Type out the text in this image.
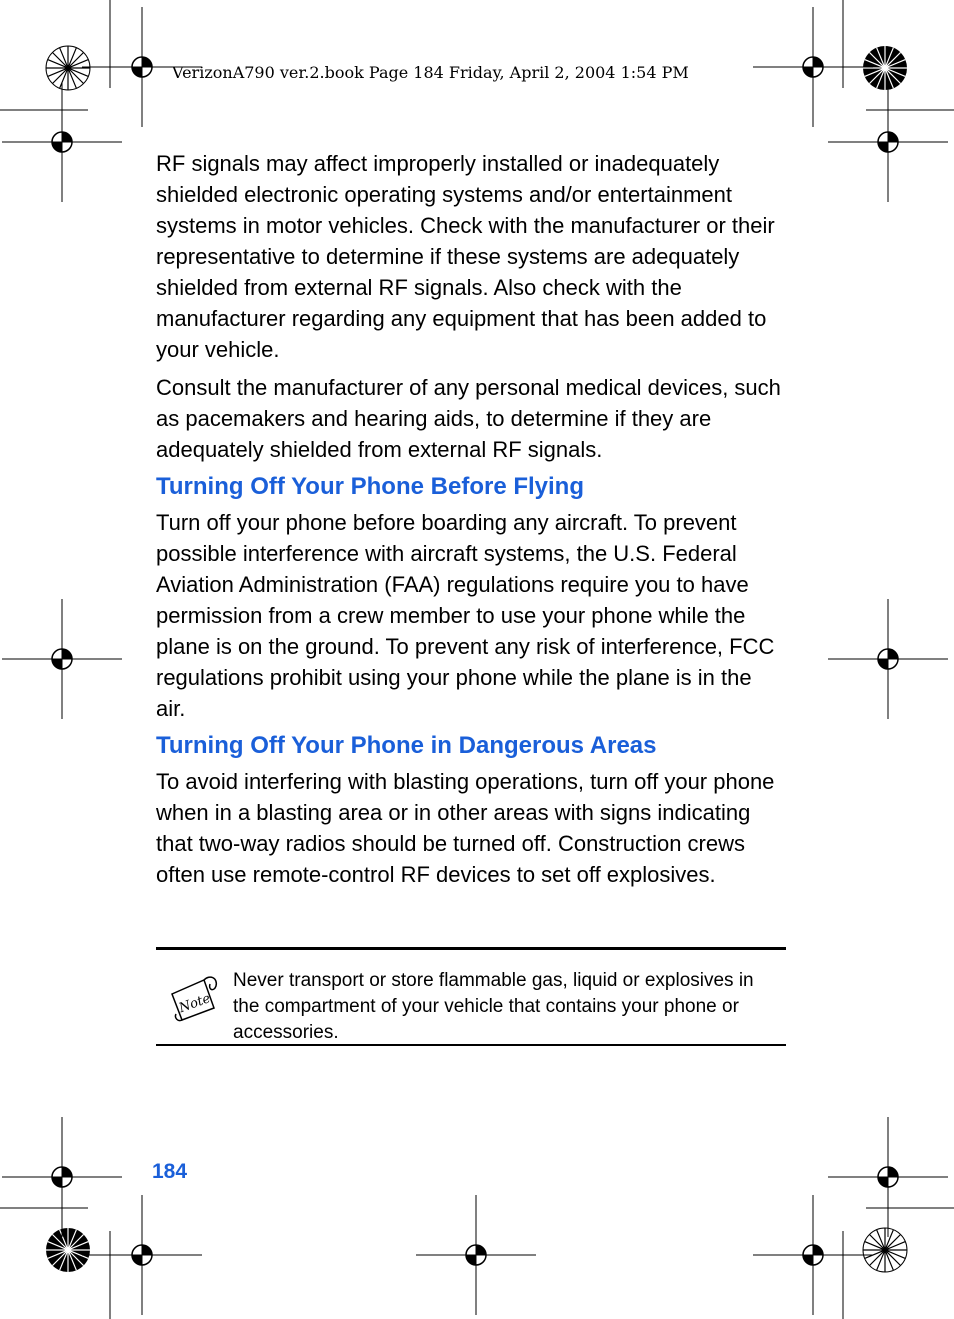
VerizonA790 ver.2.book Page 184 Friday, April 2, 2004 1:54 PM

RF signals may affect improperly installed or inadequately shielded electronic operating systems and/or entertainment systems in motor vehicles. Check with the manufacturer or their representative to determine if these systems are adequately shielded from external RF signals. Also check with the manufacturer regarding any equipment that has been added to your vehicle.

Consult the manufacturer of any personal medical devices, such as pacemakers and hearing aids, to determine if they are adequately shielded from external RF signals.

Turning Off Your Phone Before Flying

Turn off your phone before boarding any aircraft. To prevent possible interference with aircraft systems, the U.S. Federal Aviation Administration (FAA) regulations require you to have permission from a crew member to use your phone while the plane is on the ground. To prevent any risk of interference, FCC regulations prohibit using your phone while the plane is in the air.

Turning Off Your Phone in Dangerous Areas

To avoid interfering with blasting operations, turn off your phone when in a blasting area or in other areas with signs indicating that two-way radios should be turned off. Construction crews often use remote-control RF devices to set off explosives.

Note
Never transport or store flammable gas, liquid or explosives in the compartment of your vehicle that contains your phone or accessories.
184
